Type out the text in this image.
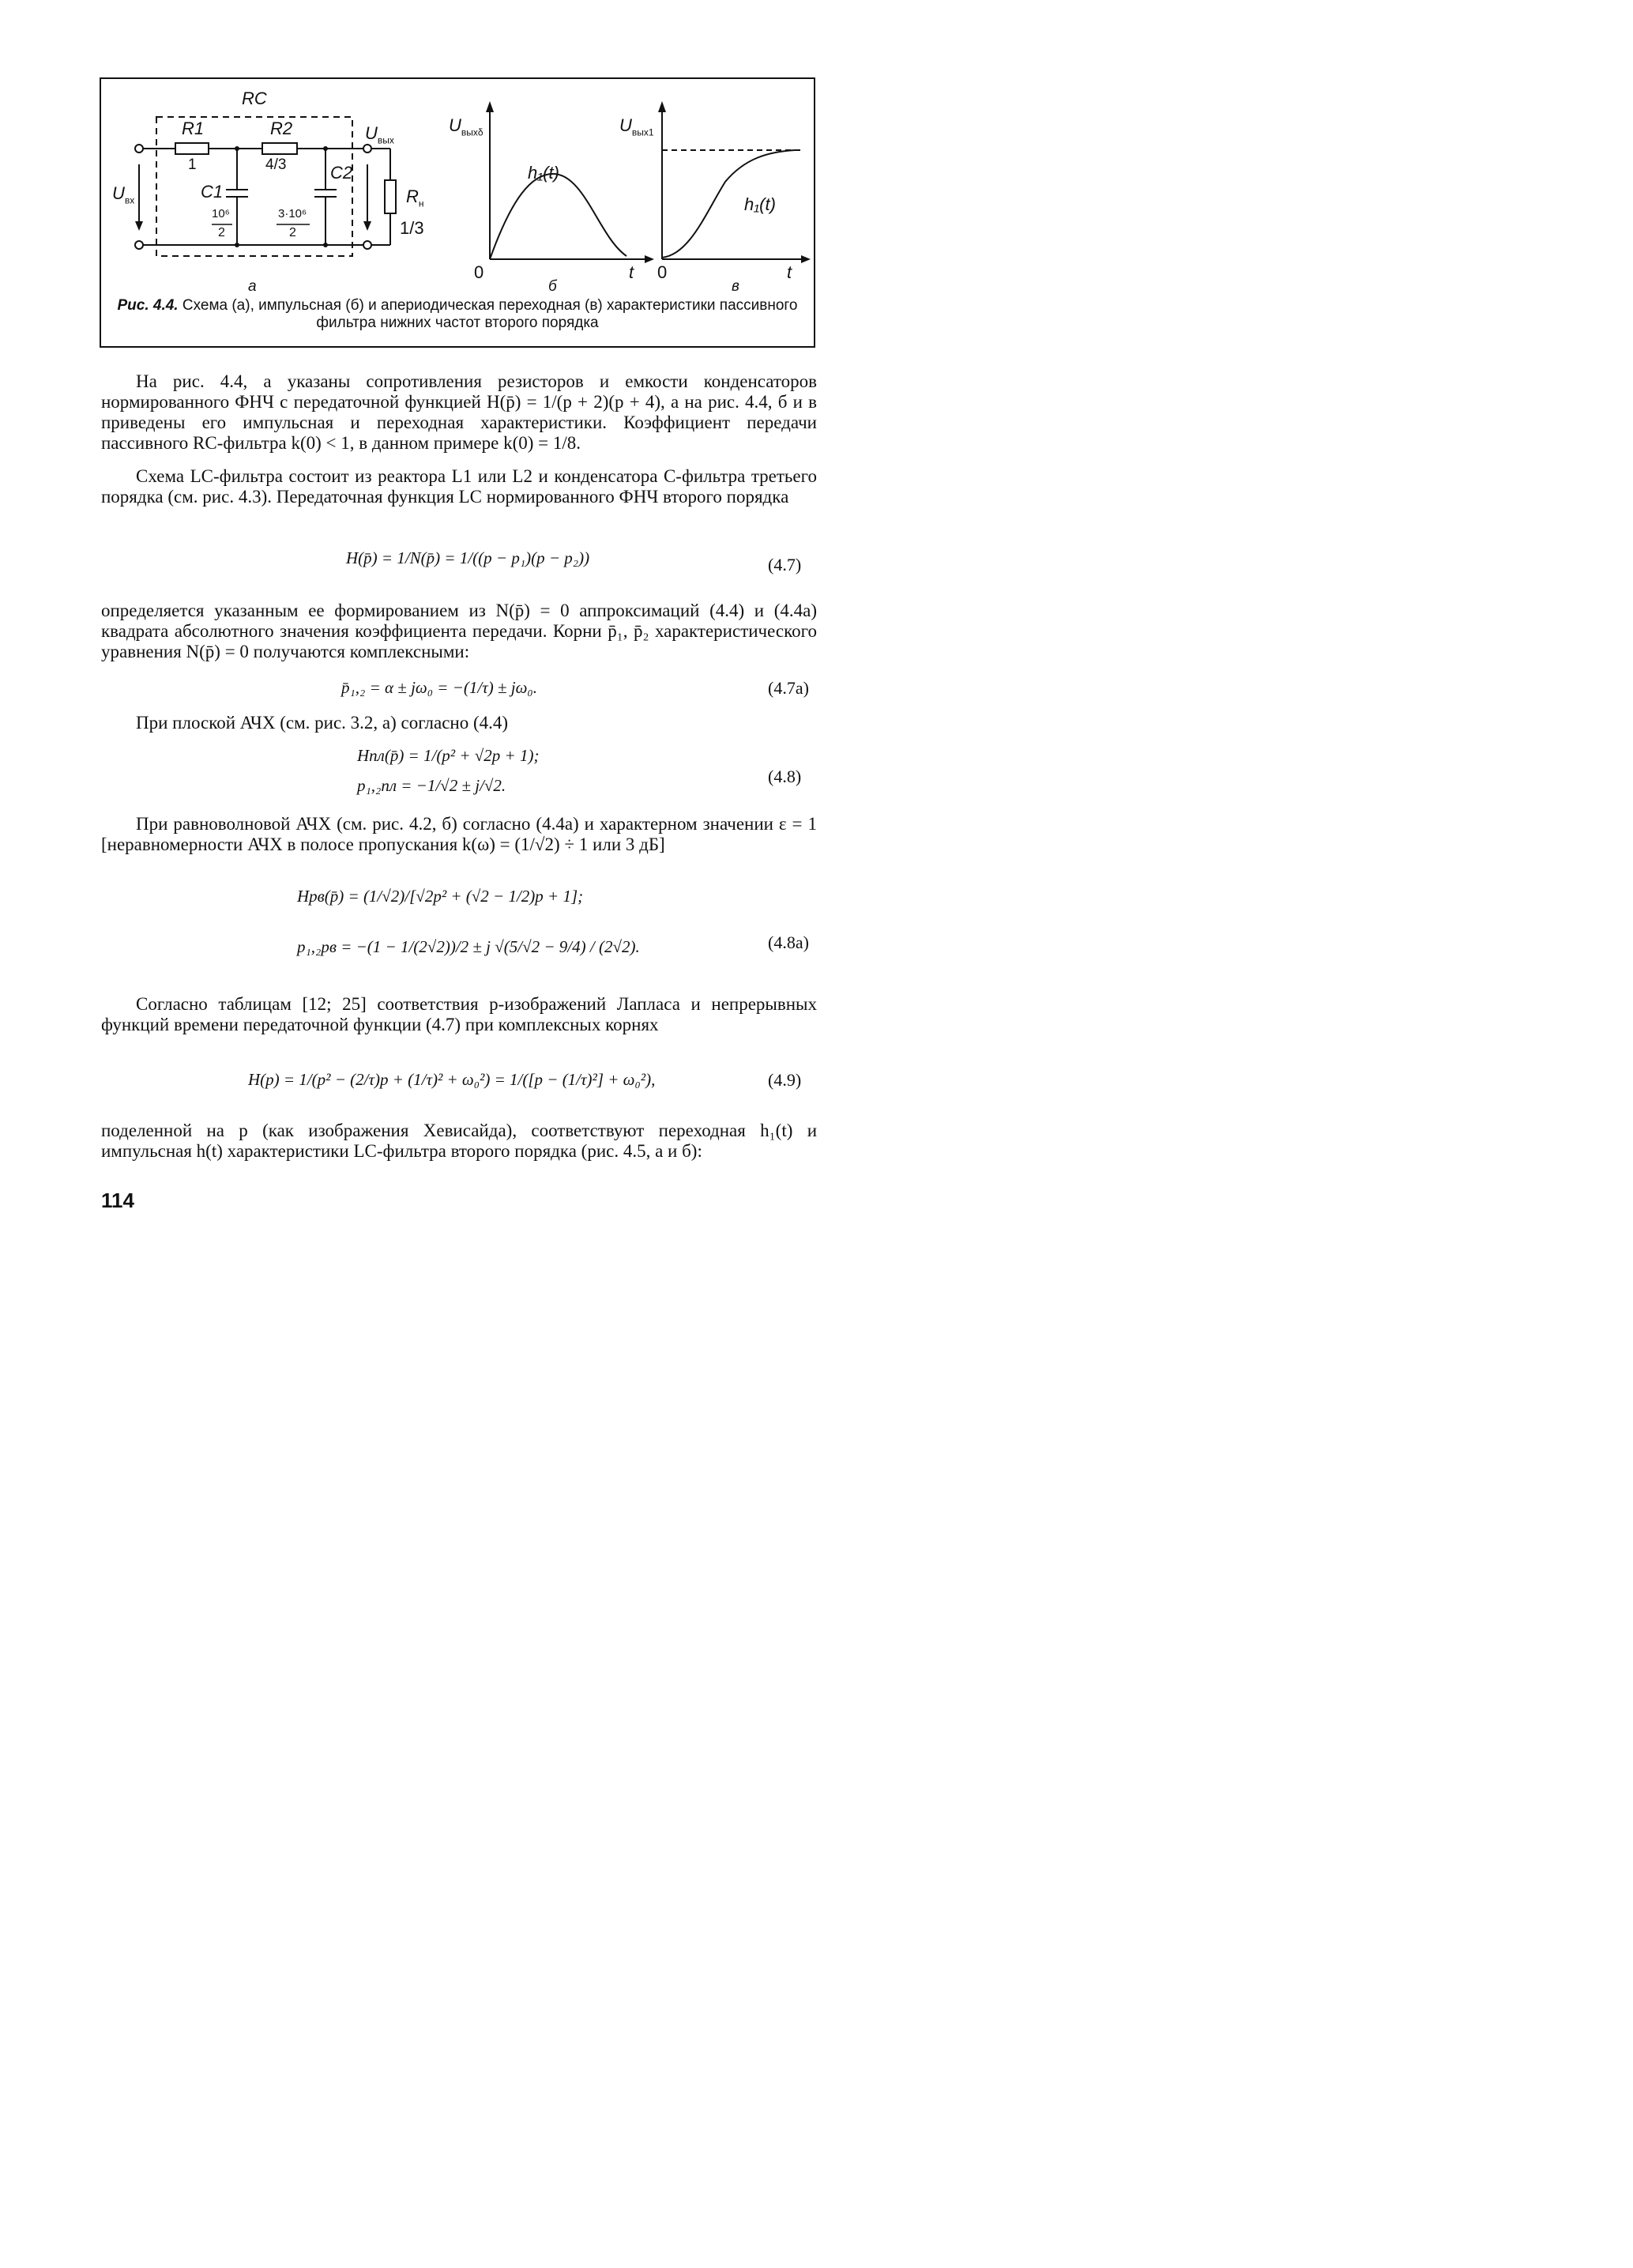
RC
R1
1
R2
4/3
C1
10⁶
2
C2
3·10⁶
2
$U_{вх}$
$U_{вых}$
$R_н$
1/3
$U_{вых\delta}$
h₁(t)
0	t
$U_{вых1}$
h₁(t)
0	t
а	б	в
Рис. 4.4. Схема (а), импульсная (б) и апериодическая переходная (в) характеристики пассивного фильтра нижних частот второго порядка

На рис. 4.4, а указаны сопротивления резисторов и емкости конденсаторов нормированного ФНЧ с передаточной функцией H(p̄) = 1/(p + 2)(p + 4), а на рис. 4.4, б и в приведены его импульсная и переходная характеристики. Коэффициент передачи пассивного RC-фильтра k(0) < 1, в данном примере k(0) = 1/8.

Схема LC-фильтра состоит из реактора L1 или L2 и конденсатора C-фильтра третьего порядка (см. рис. 4.3). Передаточная функция LC нормированного ФНЧ второго порядка

H(p̄) = 1/N(p̄) = 1/((p − p₁)(p − p₂))	(4.7)

определяется указанным ее формированием из N(p̄) = 0 аппроксимаций (4.4) и (4.4а) квадрата абсолютного значения коэффициента передачи. Корни p̄₁, p̄₂ характеристического уравнения N(p̄) = 0 получаются комплексными:

p̄₁,₂ = α ± jω₀ = −(1/τ) ± jω₀.	(4.7а)

При плоской АЧХ (см. рис. 3.2, а) согласно (4.4)

Hпл(p̄) = 1/(p² + √2p + 1);
p₁,₂пл = −1/√2 ± j/√2.	(4.8)

При равноволновой АЧХ (см. рис. 4.2, б) согласно (4.4а) и характерном значении ε = 1 [неравномерности АЧХ в полосе пропускания k(ω) = (1/√2) ÷ 1 или 3 дБ]

Hрв(p̄) = (1/√2)/[√2p² + (√2 − 1/2)p + 1];
p₁,₂рв = −(1 − 1/(2√2))/2 ± j √(5/√2 − 9/4) / (2√2).	(4.8а)

Согласно таблицам [12; 25] соответствия p-изображений Лапласа и непрерывных функций времени передаточной функции (4.7) при комплексных корнях

H(p) = 1/(p² − (2/τ)p + (1/τ)² + ω₀²) = 1/([p − (1/τ)²] + ω₀²),	(4.9)

поделенной на p (как изображения Хевисайда), соответствуют переходная h₁(t) и импульсная h(t) характеристики LC-фильтра второго порядка (рис. 4.5, а и б):

114
